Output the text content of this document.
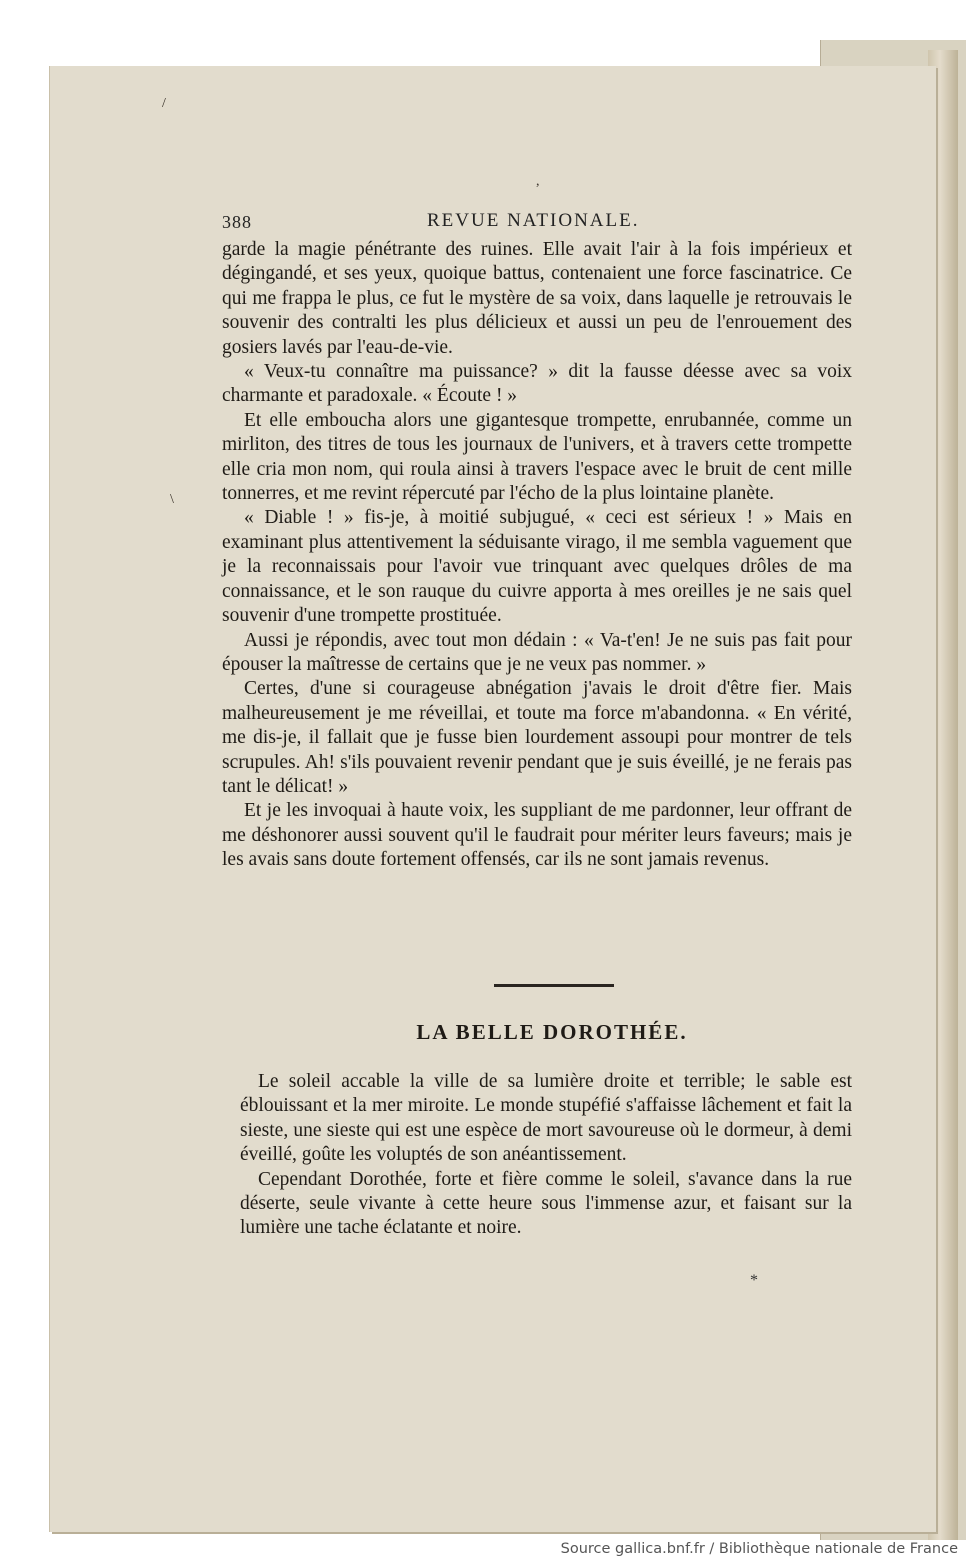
/
,
\
388	REVUE NATIONALE.

garde la magie pénétrante des ruines. Elle avait l'air à la fois impérieux et dégingandé, et ses yeux, quoique battus, contenaient une force fascinatrice. Ce qui me frappa le plus, ce fut le mystère de sa voix, dans laquelle je retrouvais le souvenir des contralti les plus délicieux et aussi un peu de l'enrouement des gosiers lavés par l'eau-de-vie.

« Veux-tu connaître ma puissance? » dit la fausse déesse avec sa voix charmante et paradoxale. « Écoute ! »

Et elle emboucha alors une gigantesque trompette, enrubannée, comme un mirliton, des titres de tous les journaux de l'univers, et à travers cette trompette elle cria mon nom, qui roula ainsi à travers l'espace avec le bruit de cent mille tonnerres, et me revint répercuté par l'écho de la plus lointaine planète.

« Diable ! » fis-je, à moitié subjugué, « ceci est sérieux ! » Mais en examinant plus attentivement la séduisante virago, il me sembla vaguement que je la reconnaissais pour l'avoir vue trinquant avec quelques drôles de ma connaissance, et le son rauque du cuivre apporta à mes oreilles je ne sais quel souvenir d'une trompette prostituée.

Aussi je répondis, avec tout mon dédain : « Va-t'en! Je ne suis pas fait pour épouser la maîtresse de certains que je ne veux pas nommer. »

Certes, d'une si courageuse abnégation j'avais le droit d'être fier. Mais malheureusement je me réveillai, et toute ma force m'abandonna. « En vérité, me dis-je, il fallait que je fusse bien lourdement assoupi pour montrer de tels scrupules. Ah! s'ils pouvaient revenir pendant que je suis éveillé, je ne ferais pas tant le délicat! »

Et je les invoquai à haute voix, les suppliant de me pardonner, leur offrant de me déshonorer aussi souvent qu'il le faudrait pour mériter leurs faveurs; mais je les avais sans doute fortement offensés, car ils ne sont jamais revenus.

LA BELLE DOROTHÉE.

Le soleil accable la ville de sa lumière droite et terrible; le sable est éblouissant et la mer miroite. Le monde stupéfié s'affaisse lâchement et fait la sieste, une sieste qui est une espèce de mort savoureuse où le dormeur, à demi éveillé, goûte les voluptés de son anéantissement.

Cependant Dorothée, forte et fière comme le soleil, s'avance dans la rue déserte, seule vivante à cette heure sous l'immense azur, et faisant sur la lumière une tache éclatante et noire.

*
Source gallica.bnf.fr / Bibliothèque nationale de France
